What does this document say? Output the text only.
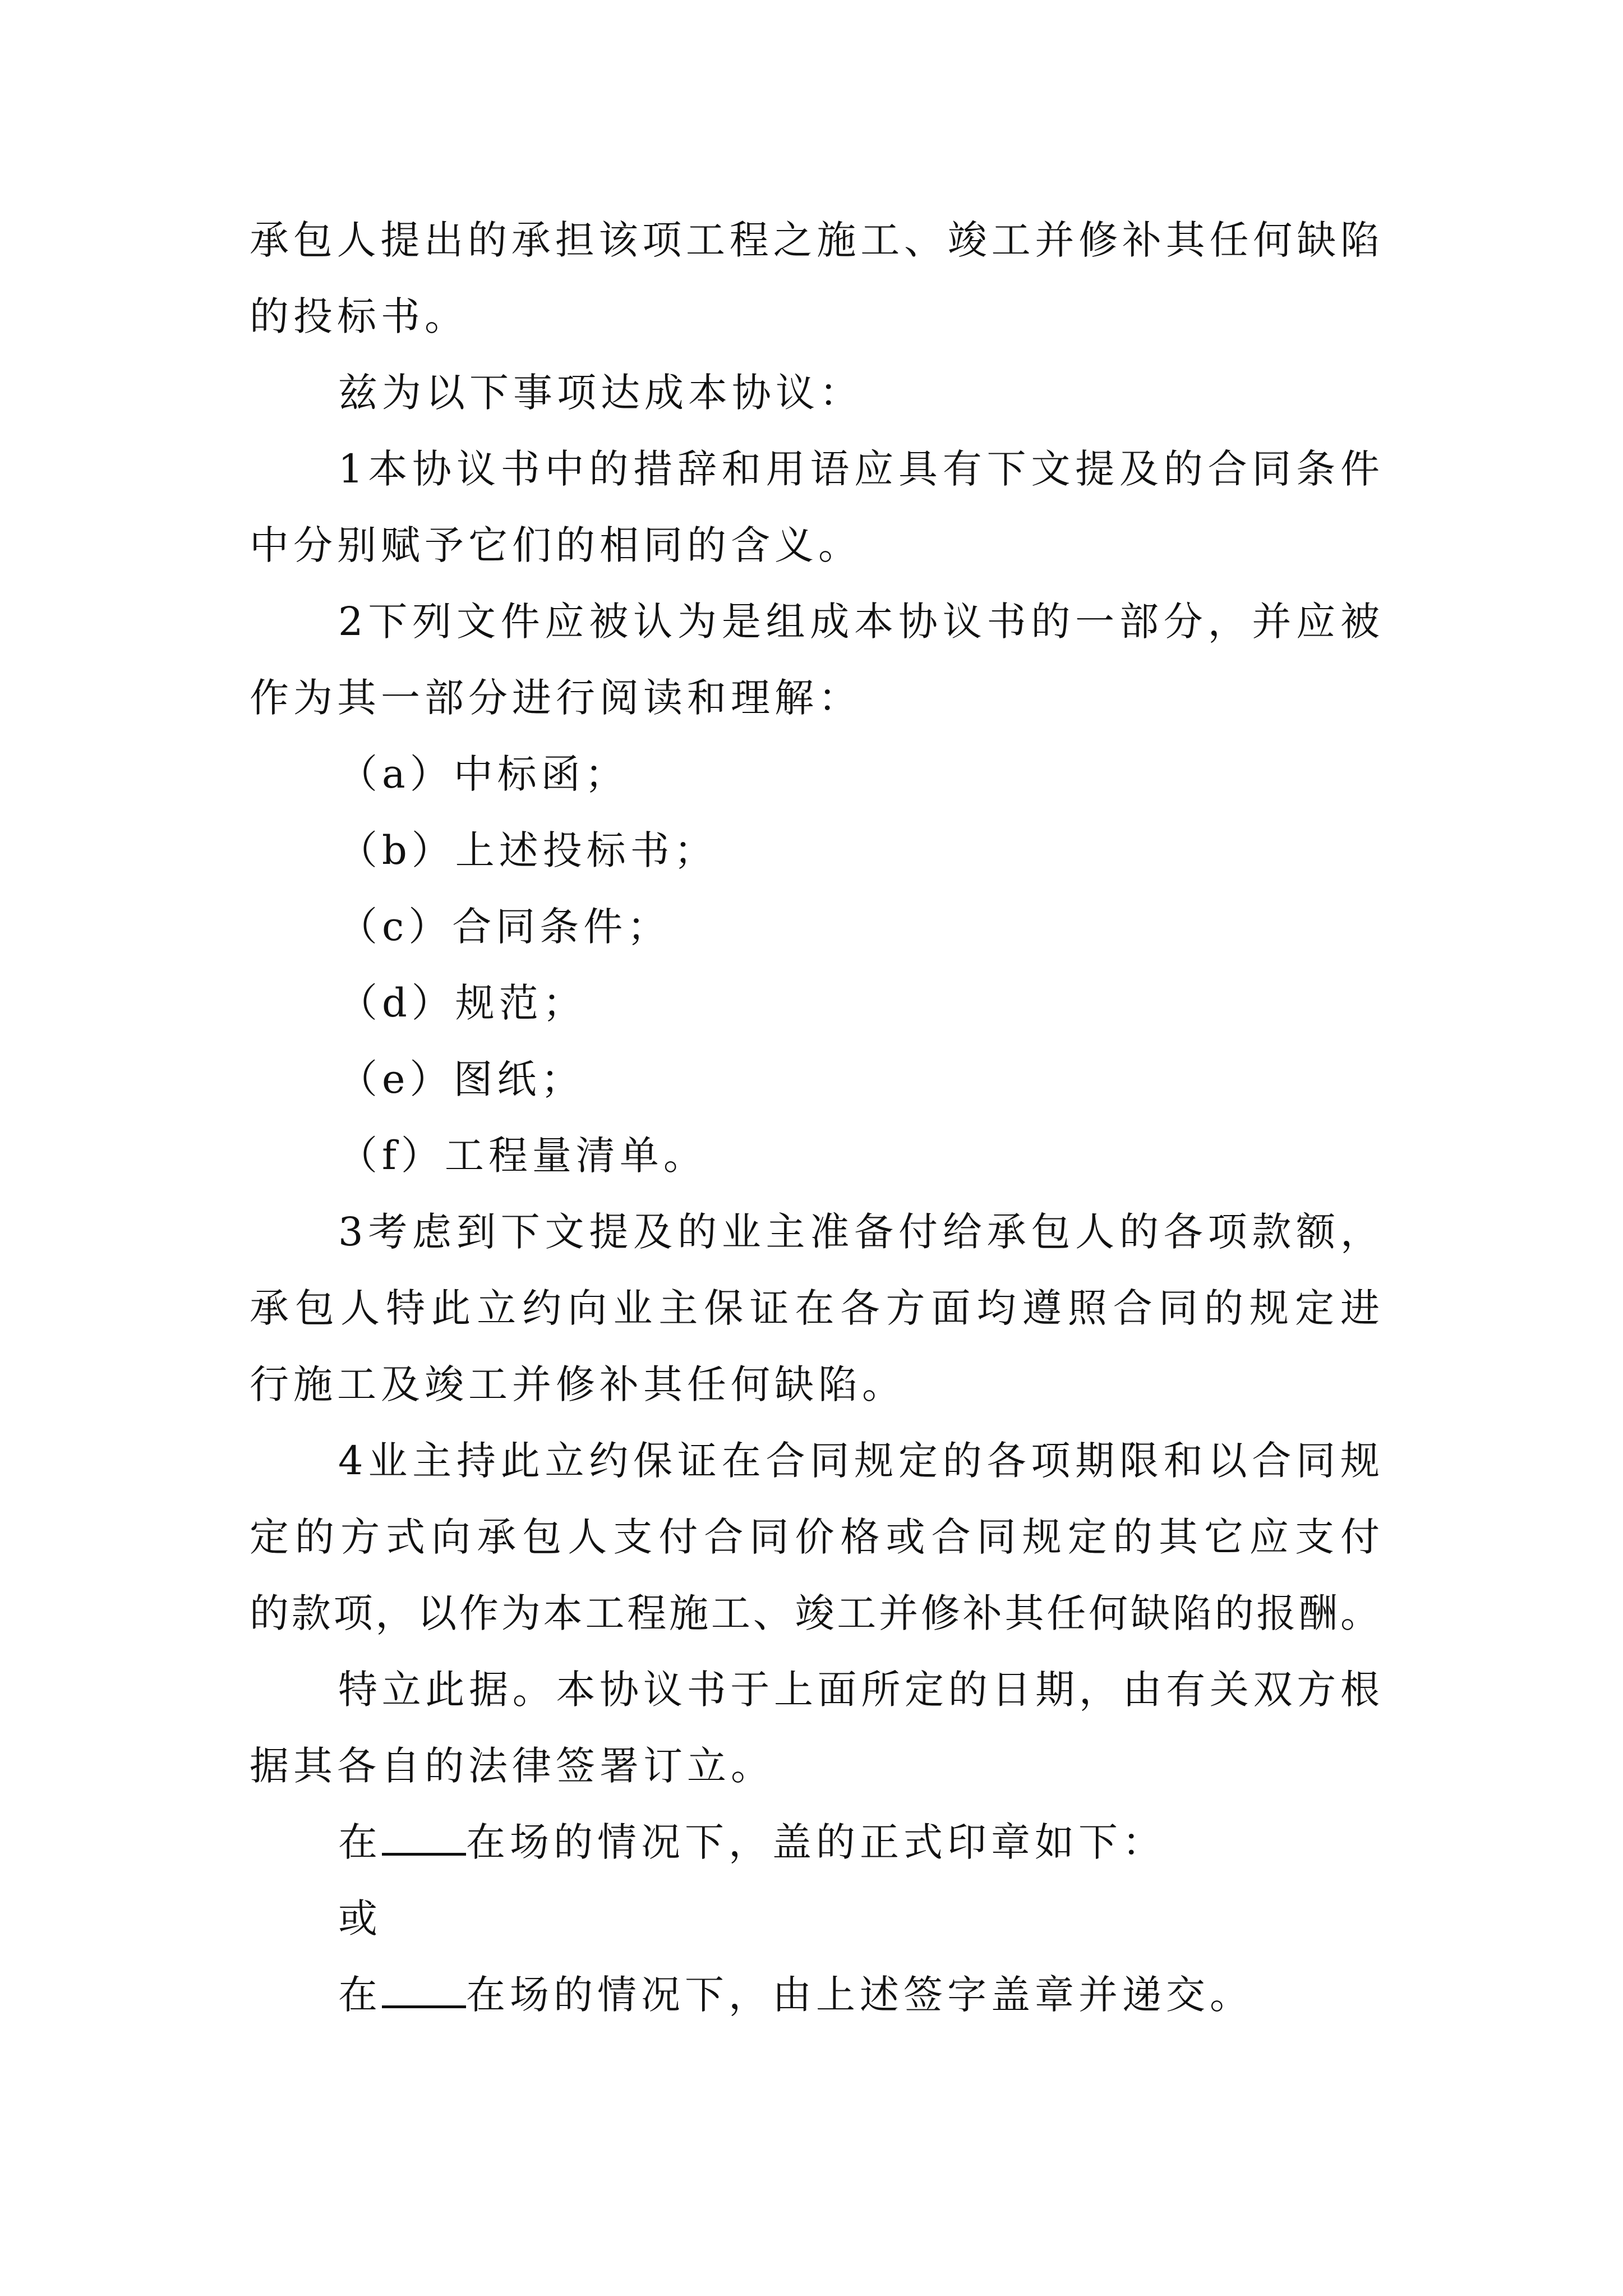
承包人提出的承担该项工程之施工、竣工并修补其任何缺陷
的投标书。
兹为以下事项达成本协议：
1本协议书中的措辞和用语应具有下文提及的合同条件
中分别赋予它们的相同的含义。
2下列文件应被认为是组成本协议书的一部分，并应被
作为其一部分进行阅读和理解：
（a）中标函；
（b）上述投标书；
（c）合同条件；
（d）规范；
（e）图纸；
（f）工程量清单。
3考虑到下文提及的业主准备付给承包人的各项款额，
承包人特此立约向业主保证在各方面均遵照合同的规定进
行施工及竣工并修补其任何缺陷。
4业主持此立约保证在合同规定的各项期限和以合同规
定的方式向承包人支付合同价格或合同规定的其它应支付
的款项，以作为本工程施工、竣工并修补其任何缺陷的报酬。
特立此据。本协议书于上面所定的日期，由有关双方根
据其各自的法律签署订立。
在 在场的情况下，盖的正式印章如下：
或
在 在场的情况下，由上述签字盖章并递交。
